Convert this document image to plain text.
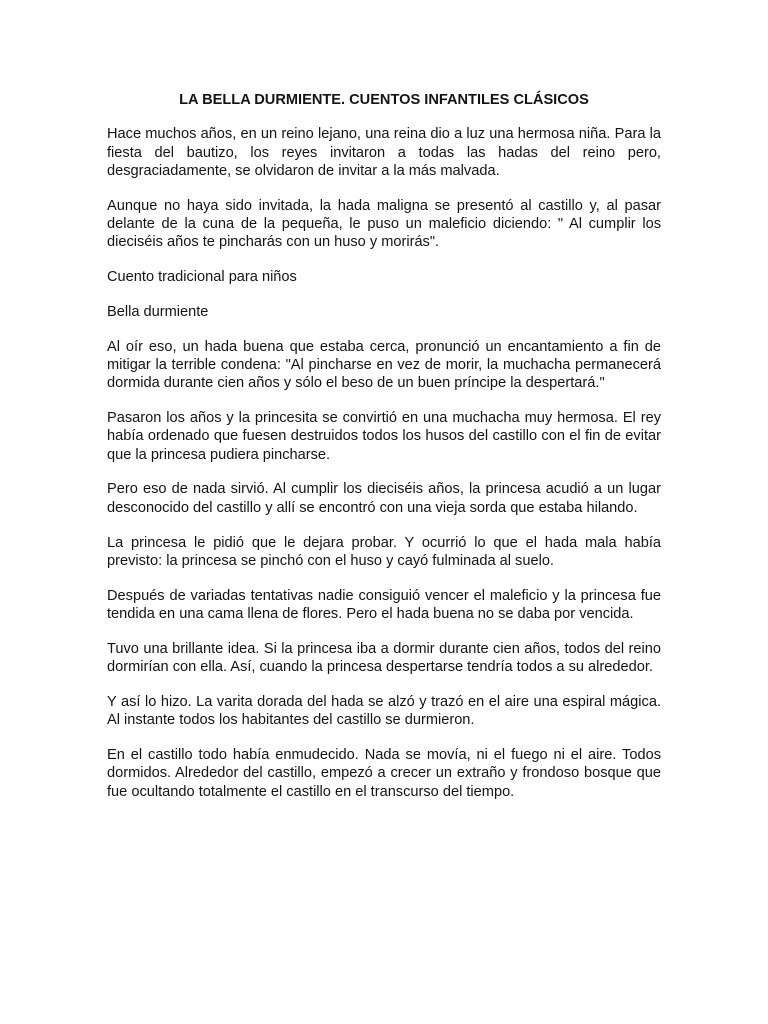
LA BELLA DURMIENTE. CUENTOS INFANTILES CLÁSICOS

Hace muchos años, en un reino lejano, una reina dio a luz una hermosa niña. Para la fiesta del bautizo, los reyes invitaron a todas las hadas del reino pero, desgraciadamente, se olvidaron de invitar a la más malvada.

Aunque no haya sido invitada, la hada maligna se presentó al castillo y, al pasar delante de la cuna de la pequeña, le puso un maleficio diciendo: " Al cumplir los dieciséis años te pincharás con un huso y morirás".

Cuento tradicional para niños

Bella durmiente

Al oír eso, un hada buena que estaba cerca, pronunció un encantamiento a fin de mitigar la terrible condena: "Al pincharse en vez de morir, la muchacha permanecerá dormida durante cien años y sólo el beso de un buen príncipe la despertará."

Pasaron los años y la princesita se convirtió en una muchacha muy hermosa. El rey había ordenado que fuesen destruidos todos los husos del castillo con el fin de evitar que la princesa pudiera pincharse.

Pero eso de nada sirvió. Al cumplir los dieciséis años, la princesa acudió a un lugar desconocido del castillo y allí se encontró con una vieja sorda que estaba hilando.

La princesa le pidió que le dejara probar. Y ocurrió lo que el hada mala había previsto: la princesa se pinchó con el huso y cayó fulminada al suelo.

Después de variadas tentativas nadie consiguió vencer el maleficio y la princesa fue tendida en una cama llena de flores. Pero el hada buena no se daba por vencida.

Tuvo una brillante idea. Si la princesa iba a dormir durante cien años, todos del reino dormirían con ella. Así, cuando la princesa despertarse tendría todos a su alrededor.

Y así lo hizo. La varita dorada del hada se alzó y trazó en el aire una espiral mágica. Al instante todos los habitantes del castillo se durmieron.

En el castillo todo había enmudecido. Nada se movía, ni el fuego ni el aire. Todos dormidos. Alrededor del castillo, empezó a crecer un extraño y frondoso bosque que fue ocultando totalmente el castillo en el transcurso del tiempo.
